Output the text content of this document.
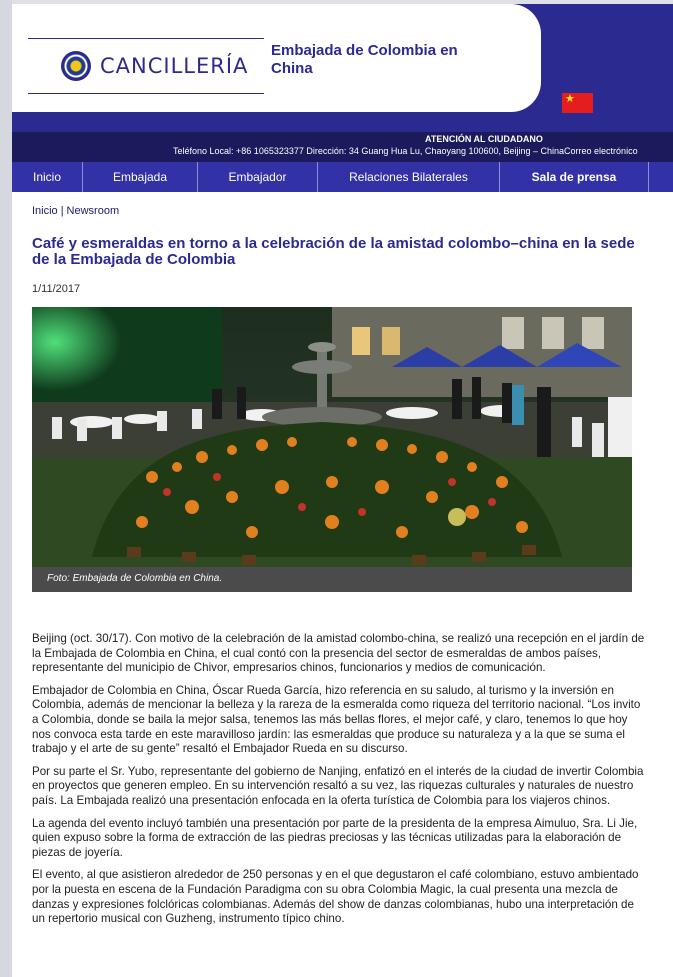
CANCILLERÍA
Embajada de Colombia en China
★
ATENCIÓN AL CIUDADANO
Teléfono Local: +86 1065323377 Dirección: 34 Guang Hua Lu, Chaoyang 100600, Beijing – ChinaCorreo electrónico
Inicio	Embajada	Embajador	Relaciones Bilaterales	Sala de prensa
Inicio | Newsroom
Café y esmeraldas en torno a la celebración de la amistad colombo–china en la sede de la Embajada de Colombia
1/11/2017
Foto: Embajada de Colombia en China.

Beijing (oct. 30/17). Con motivo de la celebración de la amistad colombo-china, se realizó una recepción en el jardín de la Embajada de Colombia en China, el cual contó con la presencia del sector de esmeraldas de ambos países, representante del municipio de Chivor, empresarios chinos, funcionarios y medios de comunicación.

Embajador de Colombia en China, Óscar Rueda García, hizo referencia en su saludo, al turismo y la inversión en Colombia, además de mencionar la belleza y la rareza de la esmeralda como riqueza del territorio nacional. “Los invito a Colombia, donde se baila la mejor salsa, tenemos las más bellas flores, el mejor café, y claro, tenemos lo que hoy nos convoca esta tarde en este maravilloso jardín: las esmeraldas que produce su naturaleza y a la que se suma el trabajo y el arte de su gente” resaltó el Embajador Rueda en su discurso.

Por su parte el Sr. Yubo, representante del gobierno de Nanjing, enfatizó en el interés de la ciudad de invertir Colombia en proyectos que generen empleo. En su intervención resaltó a su vez, las riquezas culturales y naturales de nuestro país. La Embajada realizó una presentación enfocada en la oferta turística de Colombia para los viajeros chinos.

La agenda del evento incluyó también una presentación por parte de la presidenta de la empresa Aimuluo, Sra. Li Jie, quien expuso sobre la forma de extracción de las piedras preciosas y las técnicas utilizadas para la elaboración de piezas de joyería.

El evento, al que asistieron alrededor de 250 personas y en el que degustaron el café colombiano, estuvo ambientado por la puesta en escena de la Fundación Paradigma con su obra Colombia Magic, la cual presenta una mezcla de danzas y expresiones folclóricas colombianas. Además del show de danzas colombianas, hubo una interpretación de un repertorio musical con Guzheng, instrumento típico chino.
